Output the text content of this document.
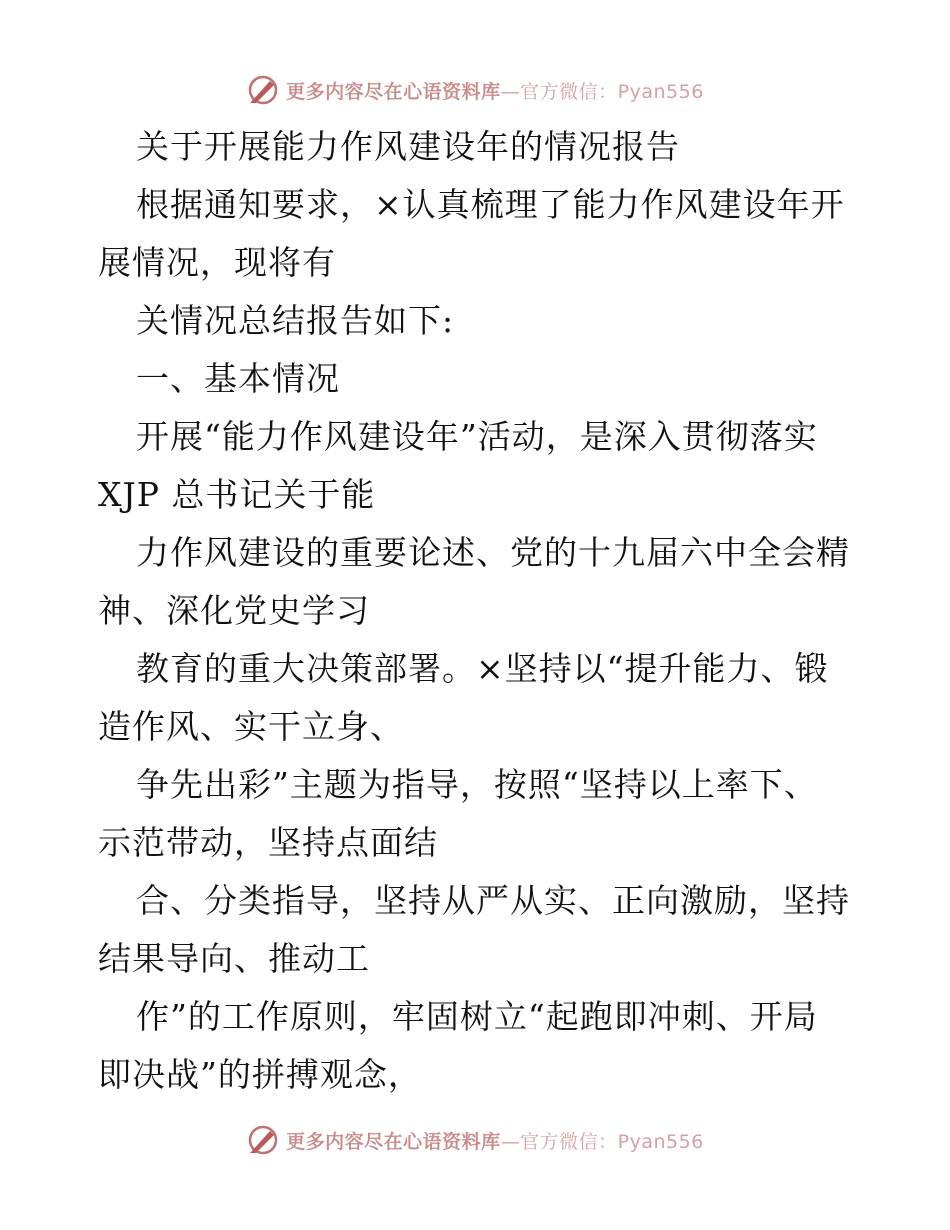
更多内容尽在心语资料库—官方微信：Pyan556
关于开展能力作风建设年的情况报告
根据通知要求，×认真梳理了能力作风建设年开
展情况，现将有
关情况总结报告如下:
一、基本情况
开展“能力作风建设年”活动，是深入贯彻落实
XJP 总书记关于能
力作风建设的重要论述、党的十九届六中全会精
神、深化党史学习
教育的重大决策部署。×坚持以“提升能力、锻
造作风、实干立身、
争先出彩”主题为指导，按照“坚持以上率下、
示范带动，坚持点面结
合、分类指导，坚持从严从实、正向激励，坚持
结果导向、推动工
作”的工作原则，牢固树立“起跑即冲刺、开局
即决战”的拼搏观念，
更多内容尽在心语资料库—官方微信：Pyan556
